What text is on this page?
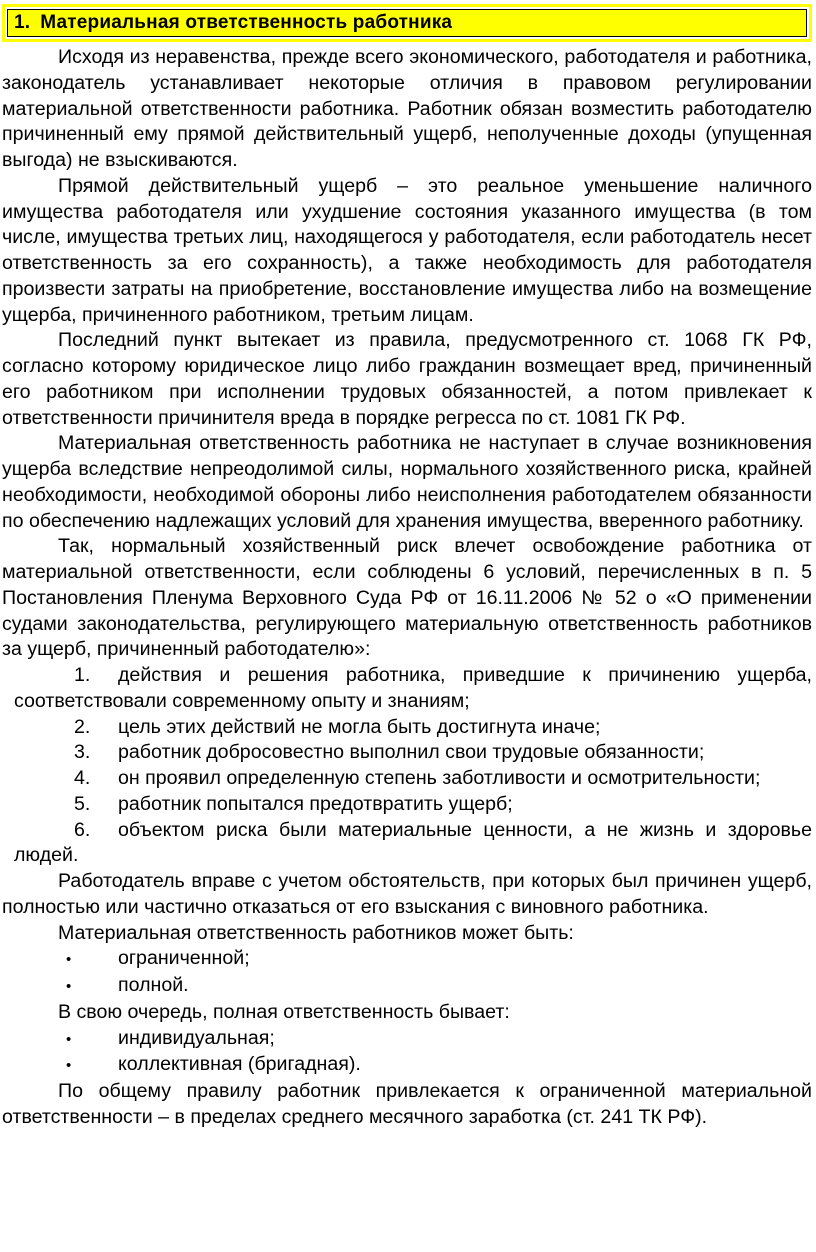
1. Материальная ответственность работника

Исходя из неравенства, прежде всего экономического, работодателя и работника, законодатель устанавливает некоторые отличия в правовом регулировании материальной ответственности работника. Работник обязан возместить работодателю причиненный ему прямой действительный ущерб, неполученные доходы (упущенная выгода) не взыскиваются.

Прямой действительный ущерб – это реальное уменьшение наличного имущества работодателя или ухудшение состояния указанного имущества (в том числе, имущества третьих лиц, находящегося у работодателя, если работодатель несет ответственность за его сохранность), а также необходимость для работодателя произвести затраты на приобретение, восстановление имущества либо на возмещение ущерба, причиненного работником, третьим лицам.

Последний пункт вытекает из правила, предусмотренного ст. 1068 ГК РФ, согласно которому юридическое лицо либо гражданин возмещает вред, причиненный его работником при исполнении трудовых обязанностей, а потом привлекает к ответственности причинителя вреда в порядке регресса по ст. 1081 ГК РФ.

Материальная ответственность работника не наступает в случае возникновения ущерба вследствие непреодолимой силы, нормального хозяйственного риска, крайней необходимости, необходимой обороны либо неисполнения работодателем обязанности по обеспечению надлежащих условий для хранения имущества, вверенного работнику.

Так, нормальный хозяйственный риск влечет освобождение работника от материальной ответственности, если соблюдены 6 условий, перечисленных в п. 5 Постановления Пленума Верховного Суда РФ от 16.11.2006 № 52 о «О применении судами законодательства, регулирующего материальную ответственность работников за ущерб, причиненный работодателю»:

1. действия и решения работника, приведшие к причинению ущерба, соответствовали современному опыту и знаниям;

2. цель этих действий не могла быть достигнута иначе;

3. работник добросовестно выполнил свои трудовые обязанности;

4. он проявил определенную степень заботливости и осмотрительности;

5. работник попытался предотвратить ущерб;

6. объектом риска были материальные ценности, а не жизнь и здоровье людей.

Работодатель вправе с учетом обстоятельств, при которых был причинен ущерб, полностью или частично отказаться от его взыскания с виновного работника.

Материальная ответственность работников может быть:

•	ограниченной;
•	полной.

В свою очередь, полная ответственность бывает:

•	индивидуальная;
•	коллективная (бригадная).

По общему правилу работник привлекается к ограниченной материальной ответственности – в пределах среднего месячного заработка (ст. 241 ТК РФ).
